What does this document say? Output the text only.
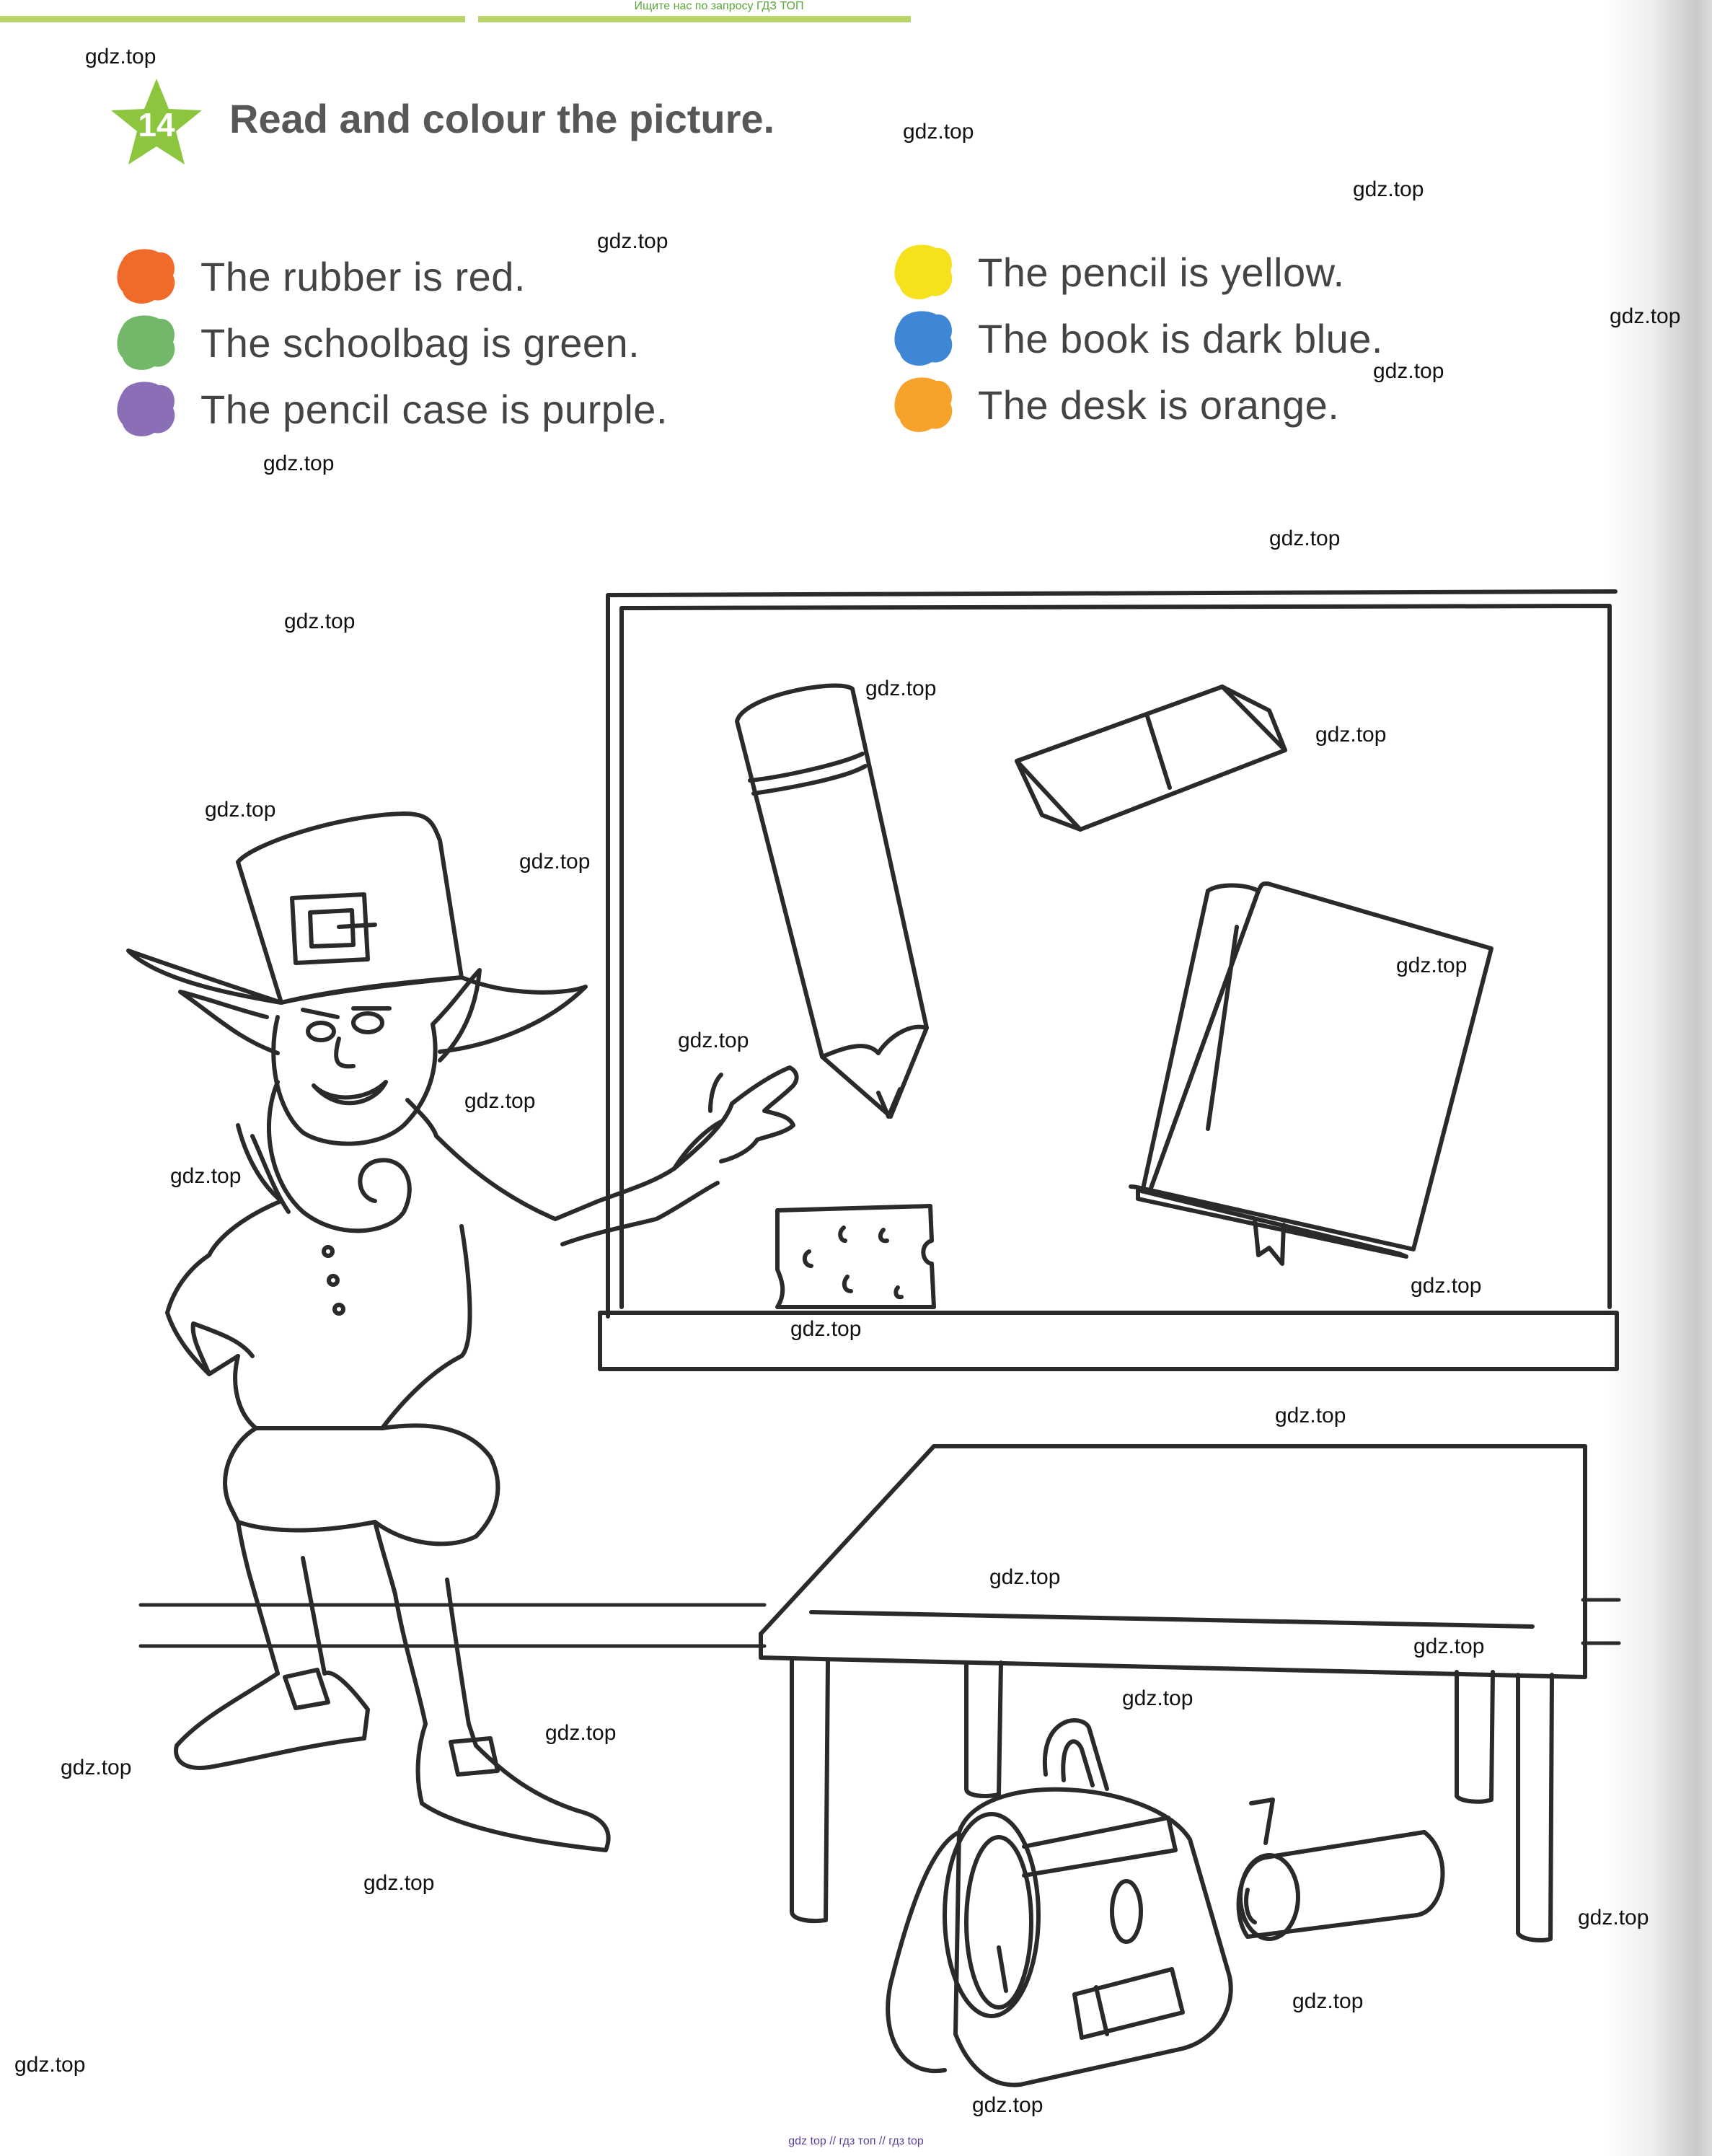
Ищите нас по запросу ГДЗ ТОП
14 Read and colour the picture.
The rubber is red.
The schoolbag is green.
The pencil case is purple.
The pencil is yellow.
The book is dark blue.
The desk is orange.
gdz.top
gdz.top
gdz.top
gdz.top
gdz.top
gdz.top
gdz.top
gdz.top
gdz.top
gdz.top
gdz.top
gdz.top
gdz.top
gdz.top
gdz.top
gdz.top
gdz.top
gdz.top
gdz.top
gdz.top
gdz.top
gdz.top
gdz.top
gdz.top
gdz.top
gdz.top
gdz.top
gdz.top
gdz.top
gdz.top
gdz top // гдз топ // гдз top
